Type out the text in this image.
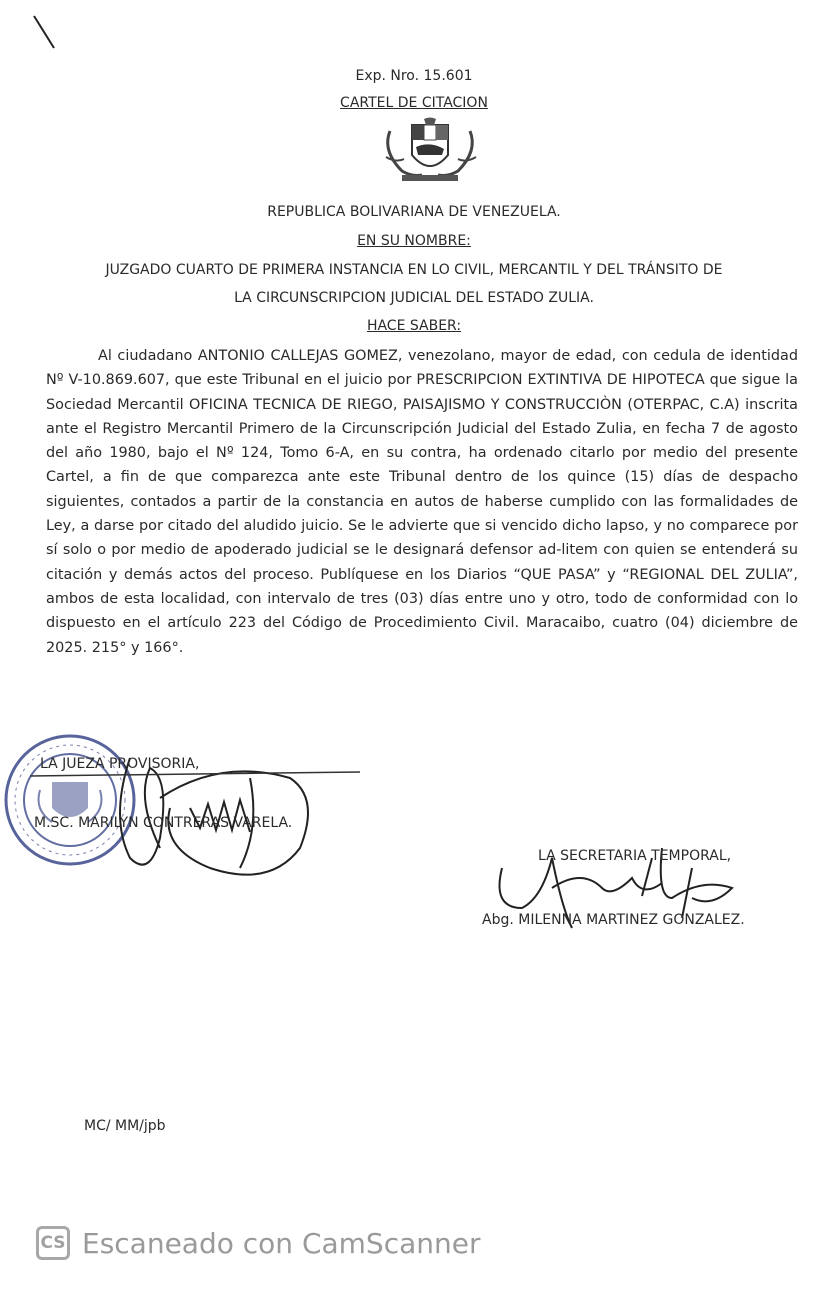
Exp. Nro. 15.601
CARTEL DE CITACION
REPUBLICA BOLIVARIANA DE VENEZUELA.
EN SU NOMBRE:
JUZGADO CUARTO DE PRIMERA INSTANCIA EN LO CIVIL, MERCANTIL Y DEL TRÁNSITO DE
LA CIRCUNSCRIPCION JUDICIAL DEL ESTADO ZULIA.
HACE SABER:
Al ciudadano ANTONIO CALLEJAS GOMEZ, venezolano, mayor de edad, con cedula de identidad Nº V-10.869.607, que este Tribunal en el juicio por PRESCRIPCION EXTINTIVA DE HIPOTECA que sigue la Sociedad Mercantil OFICINA TECNICA DE RIEGO, PAISAJISMO Y CONSTRUCCIÒN (OTERPAC, C.A) inscrita ante el Registro Mercantil Primero de la Circunscripción Judicial del Estado Zulia, en fecha 7 de agosto del año 1980, bajo el Nº 124, Tomo 6-A, en su contra, ha ordenado citarlo por medio del presente Cartel, a fin de que comparezca ante este Tribunal dentro de los quince (15) días de despacho siguientes, contados a partir de la constancia en autos de haberse cumplido con las formalidades de Ley, a darse por citado del aludido juicio. Se le advierte que si vencido dicho lapso, y no comparece por sí solo o por medio de apoderado judicial se le designará defensor ad-litem con quien se entenderá su citación y demás actos del proceso. Publíquese en los Diarios “QUE PASA” y “REGIONAL DEL ZULIA”, ambos de esta localidad, con intervalo de tres (03) días entre uno y otro, todo de conformidad con lo dispuesto en el artículo 223 del Código de Procedimiento Civil. Maracaibo, cuatro (04) diciembre de 2025. 215° y 166°.
LA JUEZA PROVISORIA,
M.SC. MARILYN CONTRERAS VARELA.
LA SECRETARIA TEMPORAL,
Abg. MILENNA MARTINEZ GONZALEZ.
MC/ MM/jpb
CS Escaneado con CamScanner
